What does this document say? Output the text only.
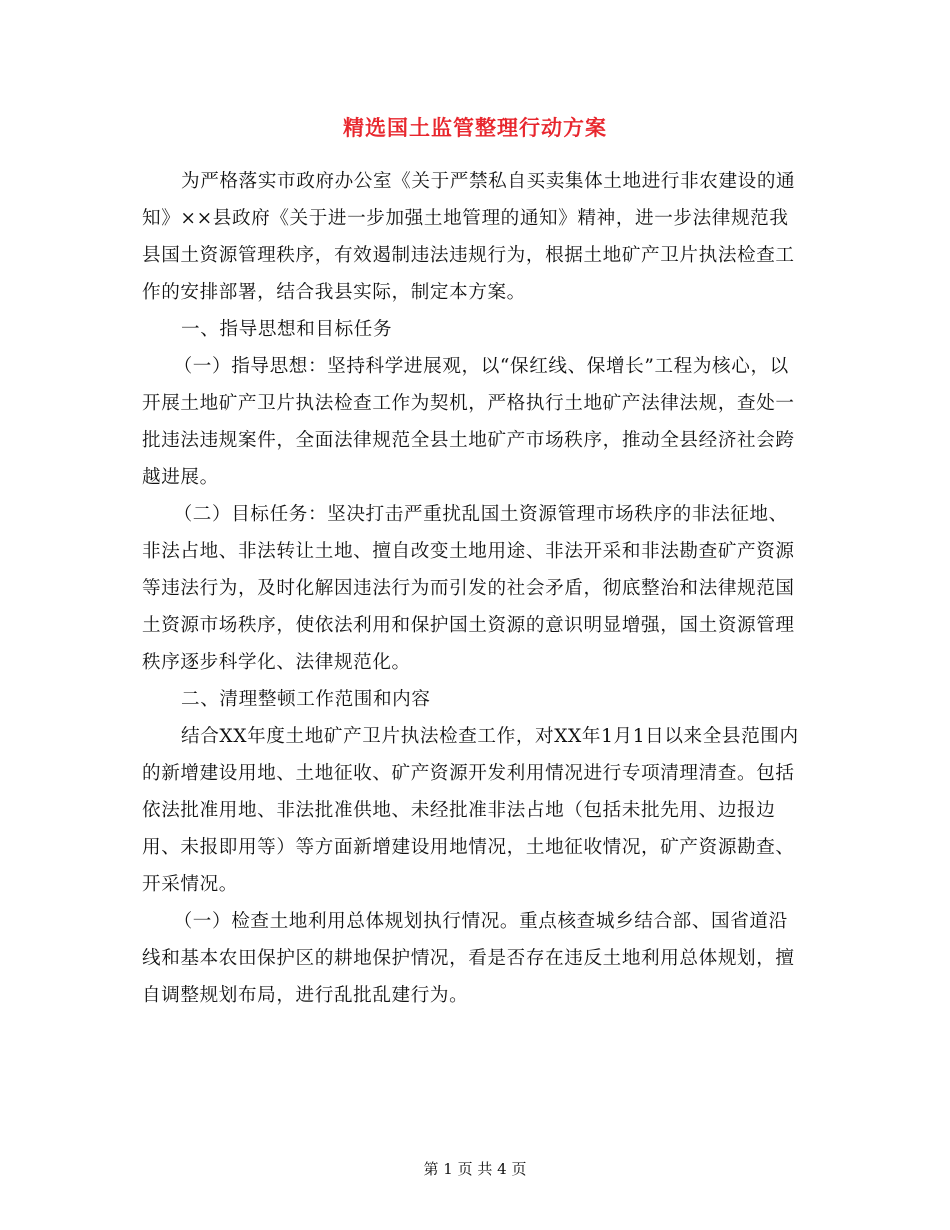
精选国土监管整理行动方案

为严格落实市政府办公室《关于严禁私自买卖集体土地进行非农建设的通知》××县政府《关于进一步加强土地管理的通知》精神，进一步法律规范我县国土资源管理秩序，有效遏制违法违规行为，根据土地矿产卫片执法检查工作的安排部署，结合我县实际，制定本方案。

一、指导思想和目标任务

（一）指导思想：坚持科学进展观，以“保红线、保增长”工程为核心，以开展土地矿产卫片执法检查工作为契机，严格执行土地矿产法律法规，查处一批违法违规案件，全面法律规范全县土地矿产市场秩序，推动全县经济社会跨越进展。

（二）目标任务：坚决打击严重扰乱国土资源管理市场秩序的非法征地、非法占地、非法转让土地、擅自改变土地用途、非法开采和非法勘查矿产资源等违法行为，及时化解因违法行为而引发的社会矛盾，彻底整治和法律规范国土资源市场秩序，使依法利用和保护国土资源的意识明显增强，国土资源管理秩序逐步科学化、法律规范化。

二、清理整顿工作范围和内容

结合XX年度土地矿产卫片执法检查工作，对XX年1月1日以来全县范围内的新增建设用地、土地征收、矿产资源开发利用情况进行专项清理清查。包括依法批准用地、非法批准供地、未经批准非法占地（包括未批先用、边报边用、未报即用等）等方面新增建设用地情况，土地征收情况，矿产资源勘查、开采情况。

（一）检查土地利用总体规划执行情况。重点核查城乡结合部、国省道沿线和基本农田保护区的耕地保护情况，看是否存在违反土地利用总体规划，擅自调整规划布局，进行乱批乱建行为。

第 1 页 共 4 页
